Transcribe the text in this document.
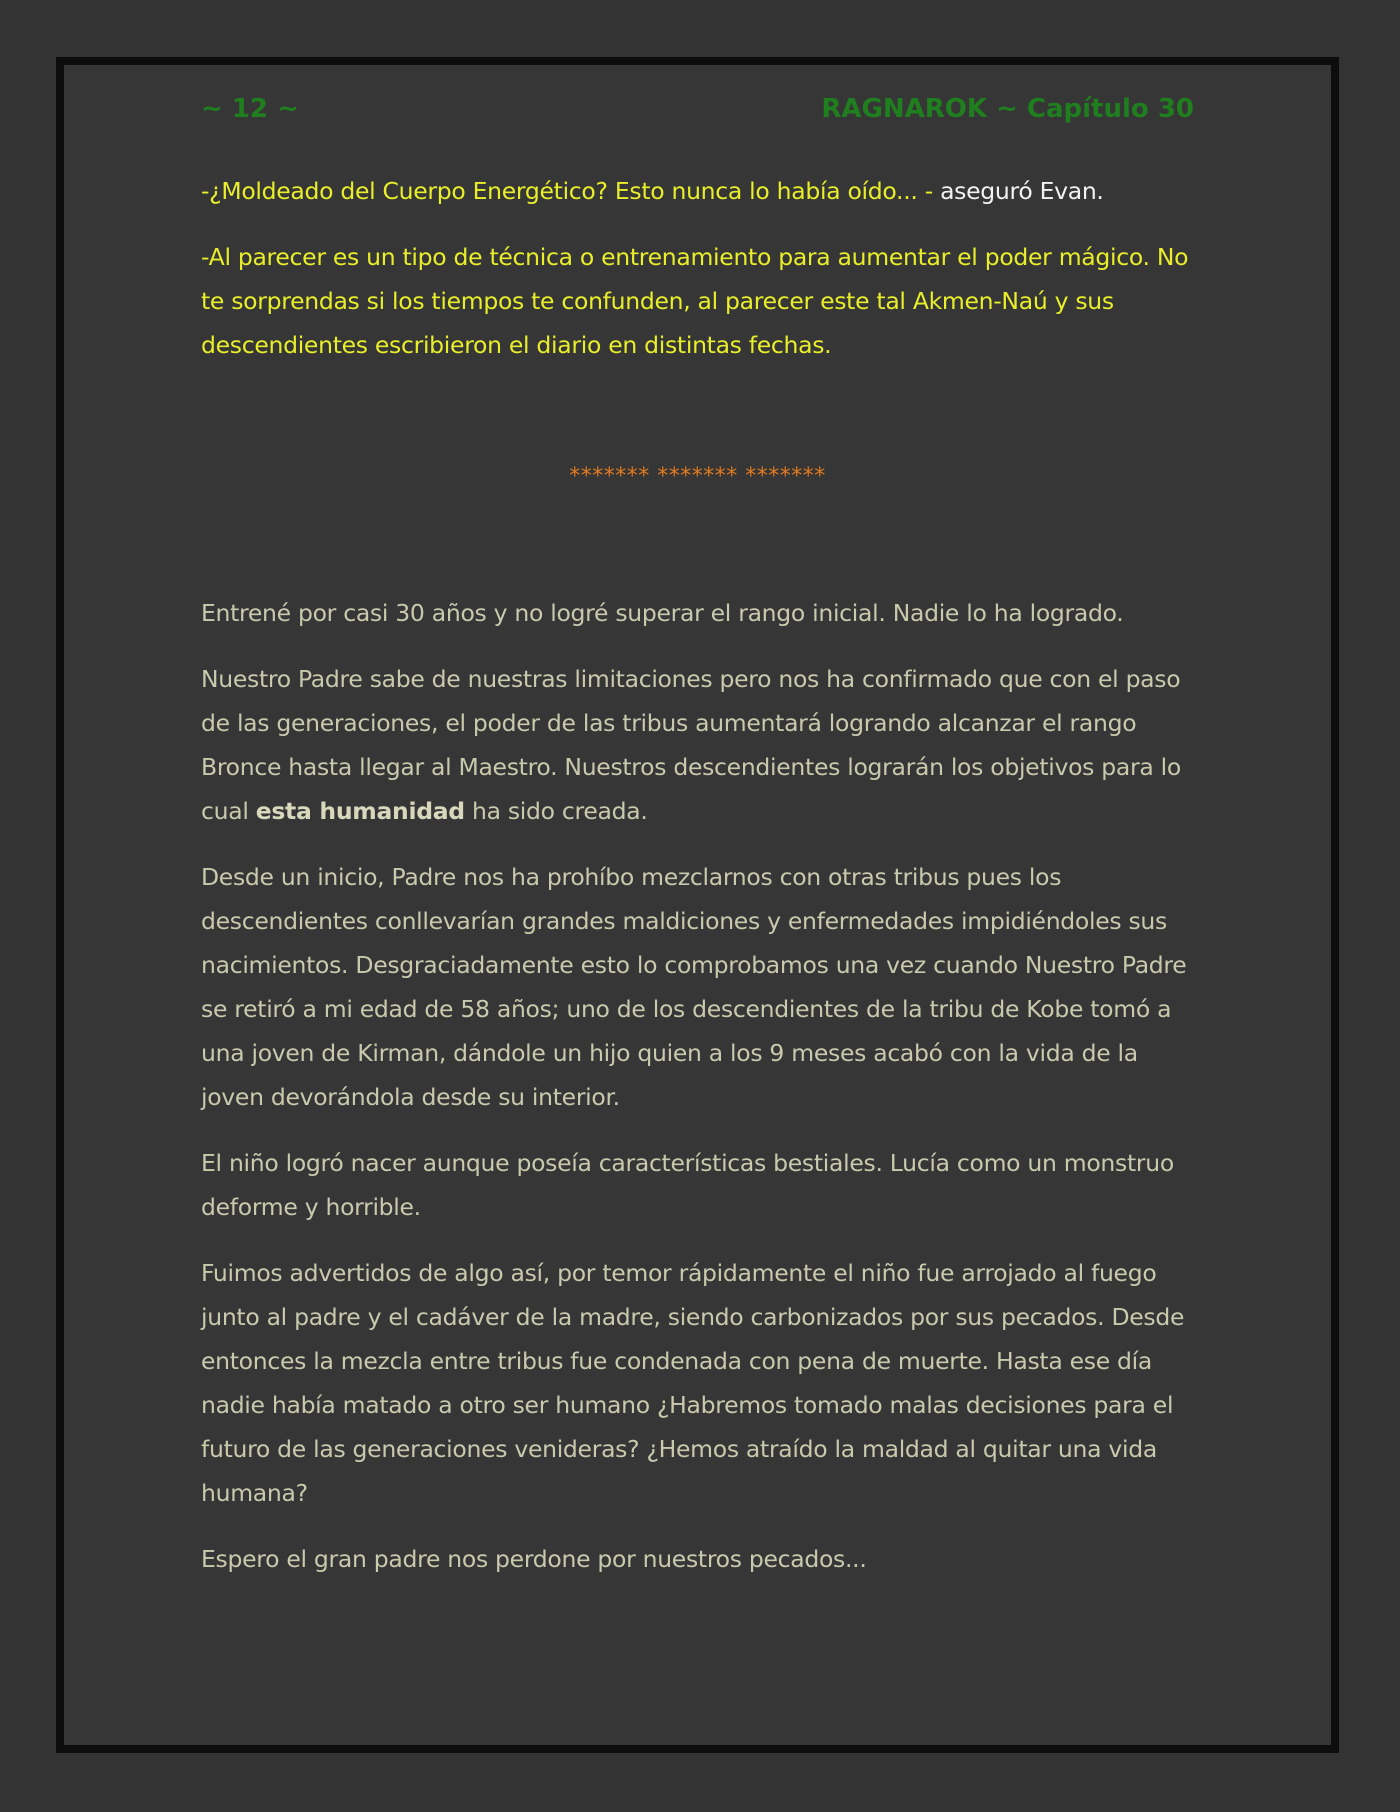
~ 12 ~	RAGNAROK ~ Capítulo 30

-¿Moldeado del Cuerpo Energético? Esto nunca lo había oído... - aseguró Evan.

-Al parecer es un tipo de técnica o entrenamiento para aumentar el poder mágico. No te sorprendas si los tiempos te confunden, al parecer este tal Akmen-Naú y sus descendientes escribieron el diario en distintas fechas.

******* ******* *******

Entrené por casi 30 años y no logré superar el rango inicial. Nadie lo ha logrado.

Nuestro Padre sabe de nuestras limitaciones pero nos ha confirmado que con el paso de las generaciones, el poder de las tribus aumentará logrando alcanzar el rango Bronce hasta llegar al Maestro. Nuestros descendientes lograrán los objetivos para lo cual esta humanidad ha sido creada.

Desde un inicio, Padre nos ha prohíbo mezclarnos con otras tribus pues los descendientes conllevarían grandes maldiciones y enfermedades impidiéndoles sus nacimientos. Desgraciadamente esto lo comprobamos una vez cuando Nuestro Padre se retiró a mi edad de 58 años; uno de los descendientes de la tribu de Kobe tomó a una joven de Kirman, dándole un hijo quien a los 9 meses acabó con la vida de la joven devorándola desde su interior.

El niño logró nacer aunque poseía características bestiales. Lucía como un monstruo deforme y horrible.

Fuimos advertidos de algo así, por temor rápidamente el niño fue arrojado al fuego junto al padre y el cadáver de la madre, siendo carbonizados por sus pecados. Desde entonces la mezcla entre tribus fue condenada con pena de muerte. Hasta ese día nadie había matado a otro ser humano ¿Habremos tomado malas decisiones para el futuro de las generaciones venideras? ¿Hemos atraído la maldad al quitar una vida humana?

Espero el gran padre nos perdone por nuestros pecados...
